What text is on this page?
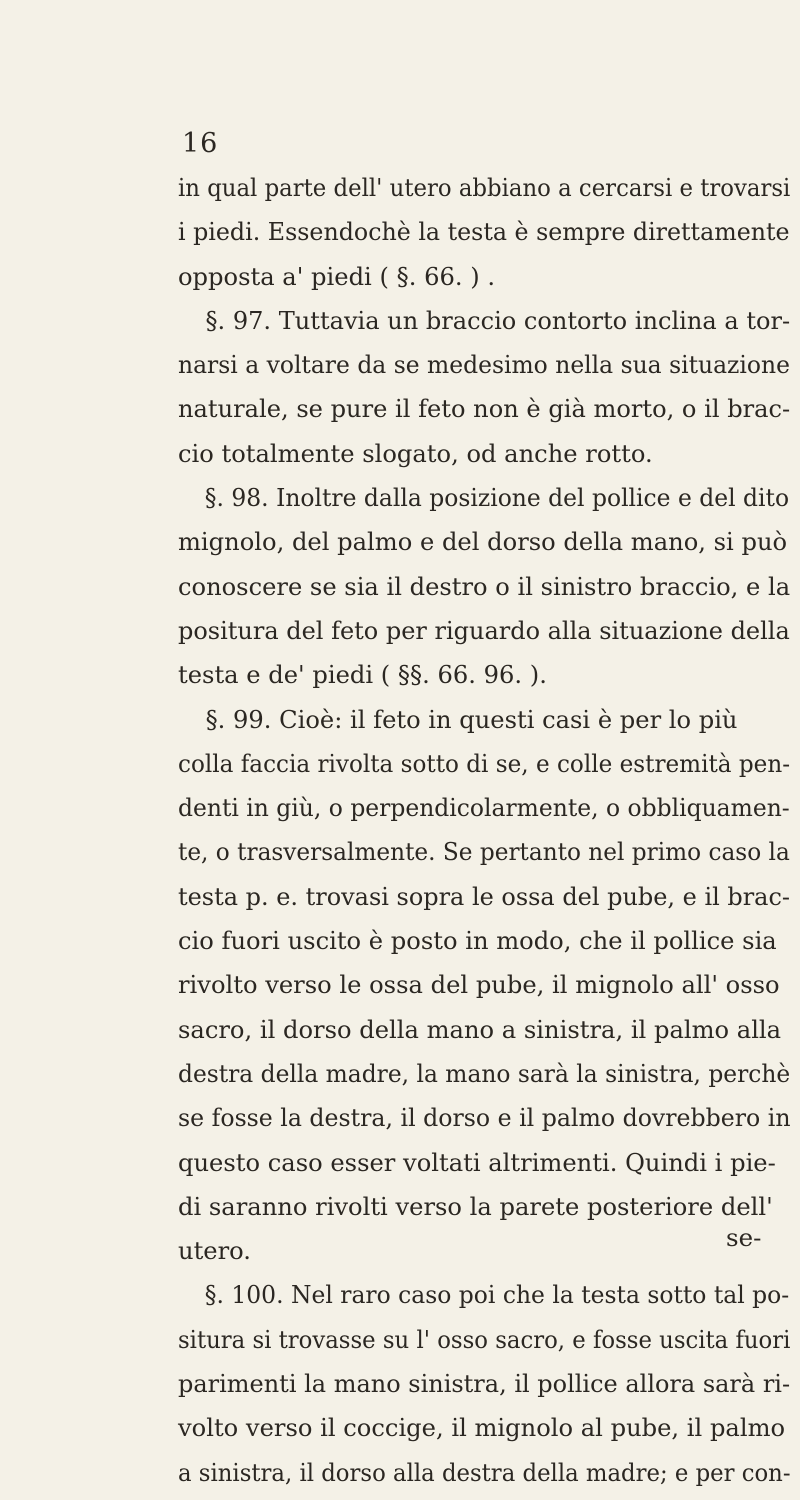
16
in qual parte dell' utero abbiano a cercarsi e trovarsi
i piedi. Essendochè la testa è sempre direttamente
opposta a' piedi ( §. 66. ) .
§. 97. Tuttavia un braccio contorto inclina a tor-
narsi a voltare da se medesimo nella sua situazione
naturale, se pure il feto non è già morto, o il brac-
cio totalmente slogato, od anche rotto.
§. 98. Inoltre dalla posizione del pollice e del dito
mignolo, del palmo e del dorso della mano, si può
conoscere se sia il destro o il sinistro braccio, e la
positura del feto per riguardo alla situazione della
testa e de' piedi ( §§. 66. 96. ).
§. 99. Cioè: il feto in questi casi è per lo più
colla faccia rivolta sotto di se, e colle estremità pen-
denti in giù, o perpendicolarmente, o obbliquamen-
te, o trasversalmente. Se pertanto nel primo caso la
testa p. e. trovasi sopra le ossa del pube, e il brac-
cio fuori uscito è posto in modo, che il pollice sia
rivolto verso le ossa del pube, il mignolo all' osso
sacro, il dorso della mano a sinistra, il palmo alla
destra della madre, la mano sarà la sinistra, perchè
se fosse la destra, il dorso e il palmo dovrebbero in
questo caso esser voltati altrimenti. Quindi i pie-
di saranno rivolti verso la parete posteriore dell'
utero.
§. 100. Nel raro caso poi che la testa sotto tal po-
situra si trovasse su l' osso sacro, e fosse uscita fuori
parimenti la mano sinistra, il pollice allora sarà ri-
volto verso il coccige, il mignolo al pube, il palmo
a sinistra, il dorso alla destra della madre; e per con-
se-
